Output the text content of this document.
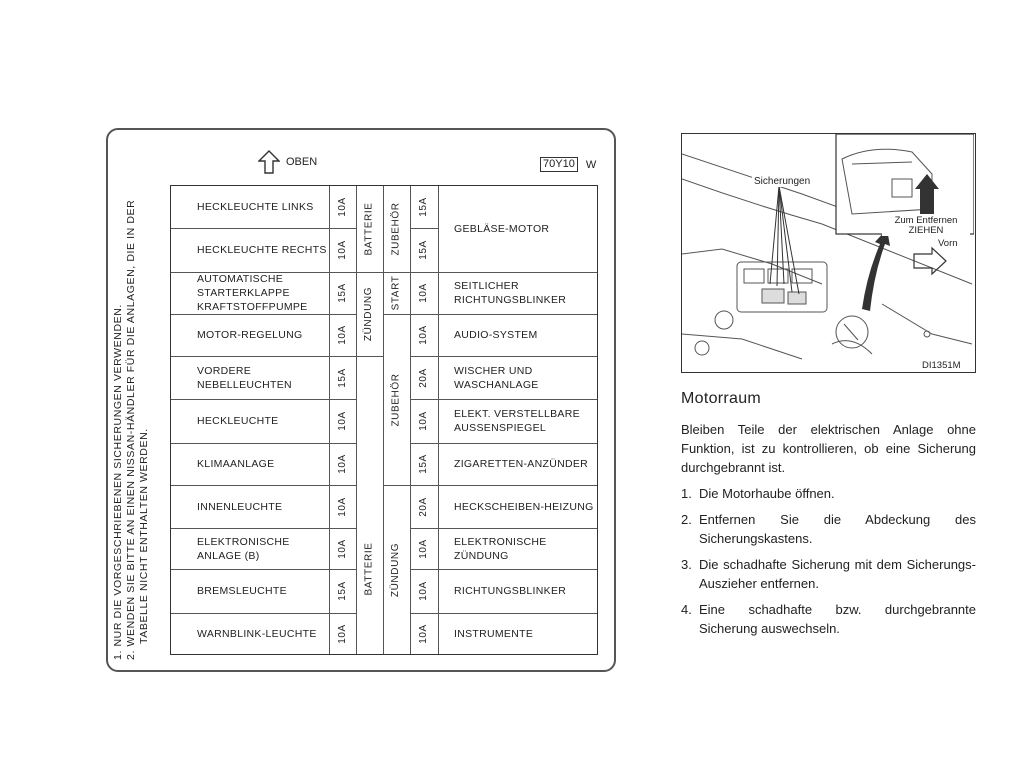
1. NUR DIE VORGESCHRIEBENEN SICHERUNGEN VERWENDEN. 2. WENDEN SIE BITTE AN EINEN NISSAN-HÄNDLER FÜR DIE ANLAGEN, DIE IN DER TABELLE NICHT ENTHALTEN WERDEN.
OBEN	70Y10 W
HECKLEUCHTE LINKS
HECKLEUCHTE RECHTS
AUTOMATISCHE STARTERKLAPPE KRAFTSTOFFPUMPE
MOTOR-REGELUNG
VORDERE NEBELLEUCHTEN
HECKLEUCHTE
KLIMAANLAGE
INNENLEUCHTE
ELEKTRONISCHE ANLAGE (B)
BREMSLEUCHTE
WARNBLINK-LEUCHTE
10A
10A
15A
10A
15A
10A
10A
10A
10A
15A
10A
BATTERIE
ZÜNDUNG
BATTERIE
ZUBEHÖR
START
ZUBEHÖR
ZÜNDUNG
15A
15A
10A
10A
20A
10A
15A
20A
10A
10A
10A
GEBLÄSE-MOTOR
SEITLICHER RICHTUNGSBLINKER
AUDIO-SYSTEM
WISCHER UND WASCHANLAGE
ELEKT. VERSTELLBARE AUSSENSPIEGEL
ZIGARETTEN-ANZÜNDER
HECKSCHEIBEN-HEIZUNG
ELEKTRONISCHE ZÜNDUNG
RICHTUNGSBLINKER
INSTRUMENTE
Sicherungen
Zum Entfernen ZIEHEN
Vorn
DI1351M
Motorraum
Bleiben Teile der elektrischen Anlage ohne Funktion, ist zu kontrollieren, ob eine Sicherung durchgebrannt ist.
1. Die Motorhaube öffnen.
2. Entfernen Sie die Abdeckung des Sicherungskastens.
3. Die schadhafte Sicherung mit dem Sicherungs-Auszieher entfernen.
4. Eine schadhafte bzw. durchgebrannte Sicherung auswechseln.
